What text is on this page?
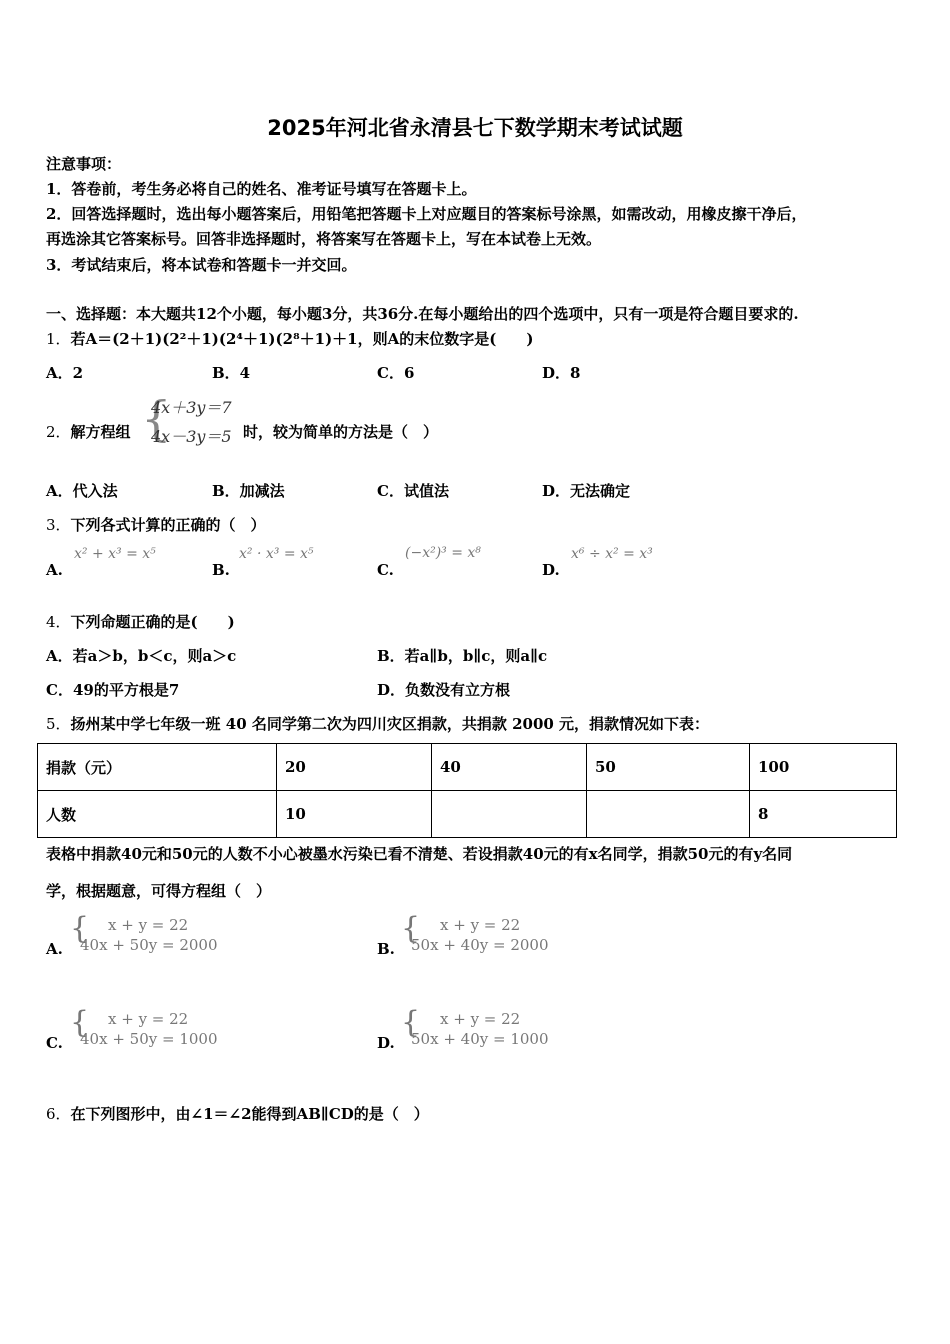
2025年河北省永清县七下数学期末考试试题
注意事项：
1．答卷前，考生务必将自己的姓名、准考证号填写在答题卡上。
2．回答选择题时，选出每小题答案后，用铅笔把答题卡上对应题目的答案标号涂黑，如需改动，用橡皮擦干净后，
再选涂其它答案标号。回答非选择题时，将答案写在答题卡上，写在本试卷上无效。
3．考试结束后，将本试卷和答题卡一并交回。
一、选择题：本大题共12个小题，每小题3分，共36分.在每小题给出的四个选项中，只有一项是符合题目要求的.
1．若A＝(2＋1)(2²＋1)(2⁴＋1)(2⁸＋1)＋1，则A的末位数字是(　　)
A．2	B．4	C．6	D．8
2．解方程组 {
4x＋3y＝7
4x－3y＝5 时，较为简单的方法是（　）
A．代入法	B．加减法	C．试值法	D．无法确定
3．下列各式计算的正确的（　）
A.
x² + x³ = x⁵
B.
x² · x³ = x⁵
C.
(−x²)³ = x⁸
D.
x⁶ ÷ x² = x³
4．下列命题正确的是(　　)
A．若a＞b，b＜c，则a＞c	B．若a∥b，b∥c，则a∥c
C．49的平方根是7	D．负数没有立方根
5．扬州某中学七年级一班 40 名同学第二次为四川灾区捐款，共捐款 2000 元，捐款情况如下表：
捐款（元）	20	40	50	100
人数	10			8
表格中捐款40元和50元的人数不小心被墨水污染已看不清楚、若设捐款40元的有x名同学，捐款50元的有y名同
学，根据题意，可得方程组（　）
A.
{ x + y = 22
40x + 50y = 2000	B.
{ x + y = 22
50x + 40y = 2000
C.
{ x + y = 22
40x + 50y = 1000	D.
{ x + y = 22
50x + 40y = 1000
6．在下列图形中，由∠1＝∠2能得到AB∥CD的是（　）
